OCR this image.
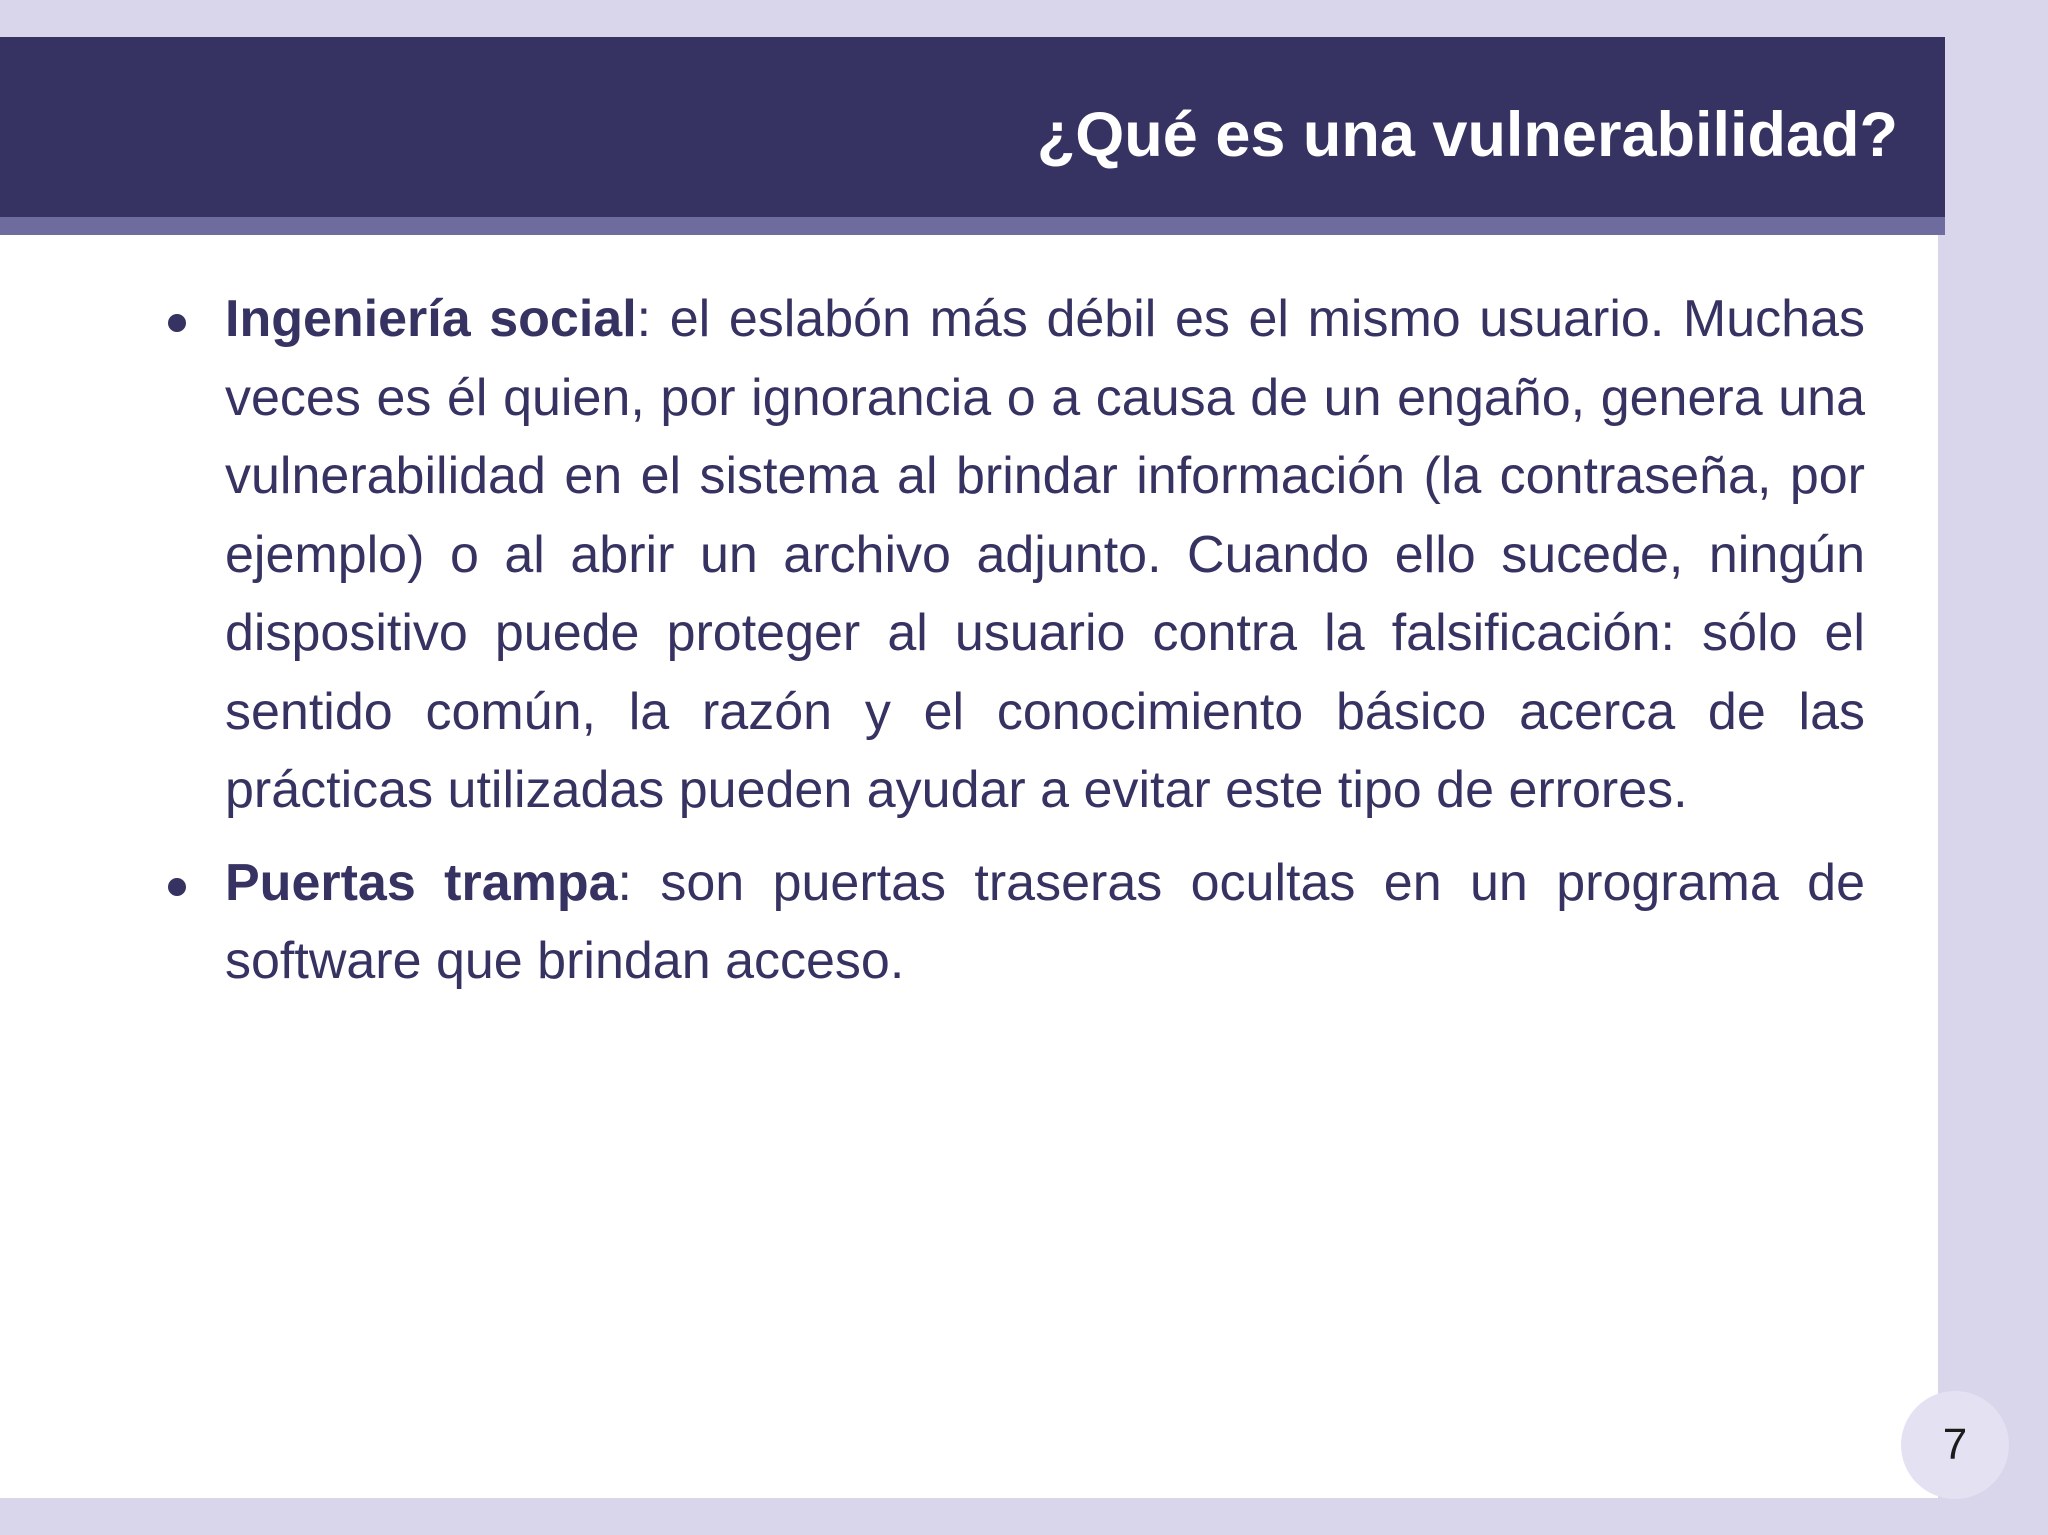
¿Qué es una vulnerabilidad?
Ingeniería social: el eslabón más débil es el mismo usuario. Muchas veces es él quien, por ignorancia o a causa de un engaño, genera una vulnerabilidad en el sistema al brindar información (la contraseña, por ejemplo) o al abrir un archivo adjunto. Cuando ello sucede, ningún dispositivo puede proteger al usuario contra la falsificación: sólo el sentido común, la razón y el conocimiento básico acerca de las prácticas utilizadas pueden ayudar a evitar este tipo de errores.
Puertas trampa: son puertas traseras ocultas en un programa de software que brindan acceso.
7
